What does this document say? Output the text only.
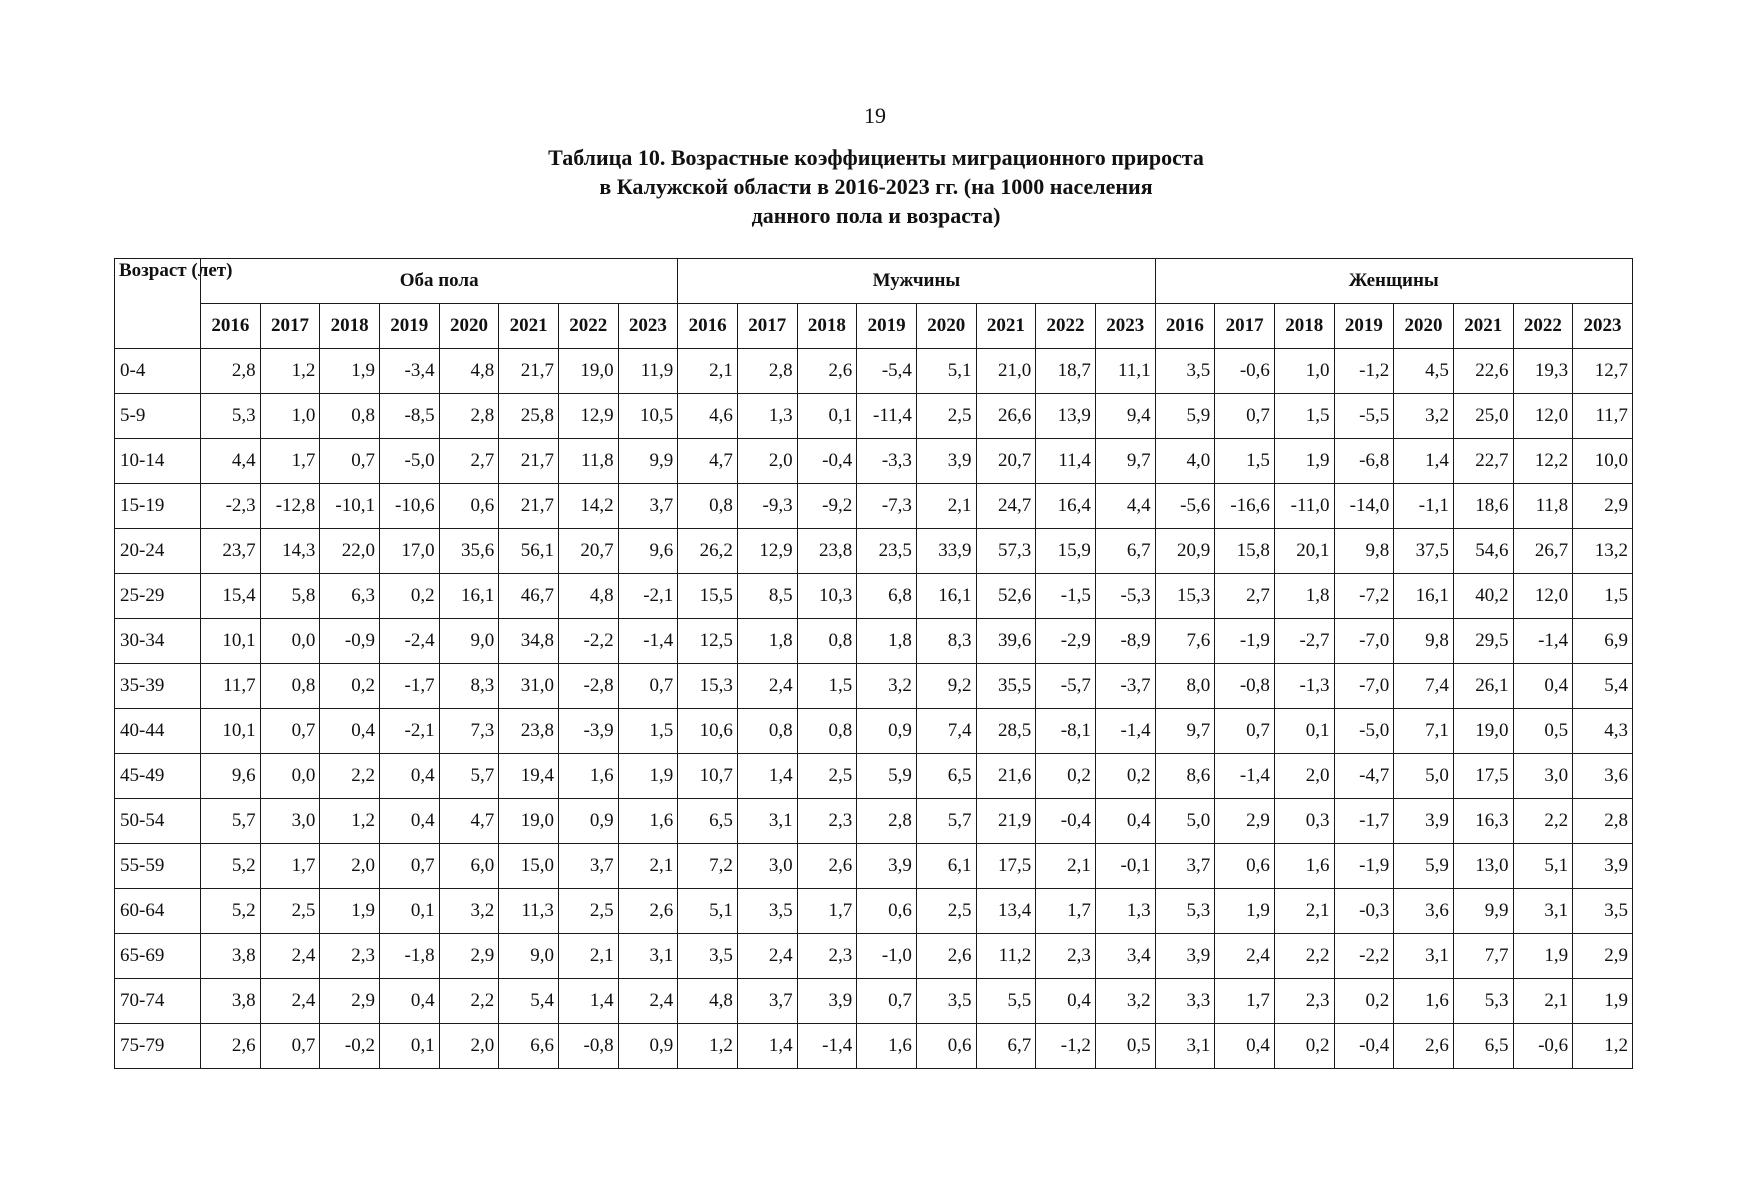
19
Таблица 10. Возрастные коэффициенты миграционного прироста
в Калужской области в 2016-2023 гг. (на 1000 населения
данного пола и возраста)
Возраст (лет)	Оба пола								Мужчины								Женщины							
	2016	2017	2018	2019	2020	2021	2022	2023	2016	2017	2018	2019	2020	2021	2022	2023	2016	2017	2018	2019	2020	2021	2022	2023
0-4	2,8	1,2	1,9	-3,4	4,8	21,7	19,0	11,9	2,1	2,8	2,6	-5,4	5,1	21,0	18,7	11,1	3,5	-0,6	1,0	-1,2	4,5	22,6	19,3	12,7
5-9	5,3	1,0	0,8	-8,5	2,8	25,8	12,9	10,5	4,6	1,3	0,1	-11,4	2,5	26,6	13,9	9,4	5,9	0,7	1,5	-5,5	3,2	25,0	12,0	11,7
10-14	4,4	1,7	0,7	-5,0	2,7	21,7	11,8	9,9	4,7	2,0	-0,4	-3,3	3,9	20,7	11,4	9,7	4,0	1,5	1,9	-6,8	1,4	22,7	12,2	10,0
15-19	-2,3	-12,8	-10,1	-10,6	0,6	21,7	14,2	3,7	0,8	-9,3	-9,2	-7,3	2,1	24,7	16,4	4,4	-5,6	-16,6	-11,0	-14,0	-1,1	18,6	11,8	2,9
20-24	23,7	14,3	22,0	17,0	35,6	56,1	20,7	9,6	26,2	12,9	23,8	23,5	33,9	57,3	15,9	6,7	20,9	15,8	20,1	9,8	37,5	54,6	26,7	13,2
25-29	15,4	5,8	6,3	0,2	16,1	46,7	4,8	-2,1	15,5	8,5	10,3	6,8	16,1	52,6	-1,5	-5,3	15,3	2,7	1,8	-7,2	16,1	40,2	12,0	1,5
30-34	10,1	0,0	-0,9	-2,4	9,0	34,8	-2,2	-1,4	12,5	1,8	0,8	1,8	8,3	39,6	-2,9	-8,9	7,6	-1,9	-2,7	-7,0	9,8	29,5	-1,4	6,9
35-39	11,7	0,8	0,2	-1,7	8,3	31,0	-2,8	0,7	15,3	2,4	1,5	3,2	9,2	35,5	-5,7	-3,7	8,0	-0,8	-1,3	-7,0	7,4	26,1	0,4	5,4
40-44	10,1	0,7	0,4	-2,1	7,3	23,8	-3,9	1,5	10,6	0,8	0,8	0,9	7,4	28,5	-8,1	-1,4	9,7	0,7	0,1	-5,0	7,1	19,0	0,5	4,3
45-49	9,6	0,0	2,2	0,4	5,7	19,4	1,6	1,9	10,7	1,4	2,5	5,9	6,5	21,6	0,2	0,2	8,6	-1,4	2,0	-4,7	5,0	17,5	3,0	3,6
50-54	5,7	3,0	1,2	0,4	4,7	19,0	0,9	1,6	6,5	3,1	2,3	2,8	5,7	21,9	-0,4	0,4	5,0	2,9	0,3	-1,7	3,9	16,3	2,2	2,8
55-59	5,2	1,7	2,0	0,7	6,0	15,0	3,7	2,1	7,2	3,0	2,6	3,9	6,1	17,5	2,1	-0,1	3,7	0,6	1,6	-1,9	5,9	13,0	5,1	3,9
60-64	5,2	2,5	1,9	0,1	3,2	11,3	2,5	2,6	5,1	3,5	1,7	0,6	2,5	13,4	1,7	1,3	5,3	1,9	2,1	-0,3	3,6	9,9	3,1	3,5
65-69	3,8	2,4	2,3	-1,8	2,9	9,0	2,1	3,1	3,5	2,4	2,3	-1,0	2,6	11,2	2,3	3,4	3,9	2,4	2,2	-2,2	3,1	7,7	1,9	2,9
70-74	3,8	2,4	2,9	0,4	2,2	5,4	1,4	2,4	4,8	3,7	3,9	0,7	3,5	5,5	0,4	3,2	3,3	1,7	2,3	0,2	1,6	5,3	2,1	1,9
75-79	2,6	0,7	-0,2	0,1	2,0	6,6	-0,8	0,9	1,2	1,4	-1,4	1,6	0,6	6,7	-1,2	0,5	3,1	0,4	0,2	-0,4	2,6	6,5	-0,6	1,2
